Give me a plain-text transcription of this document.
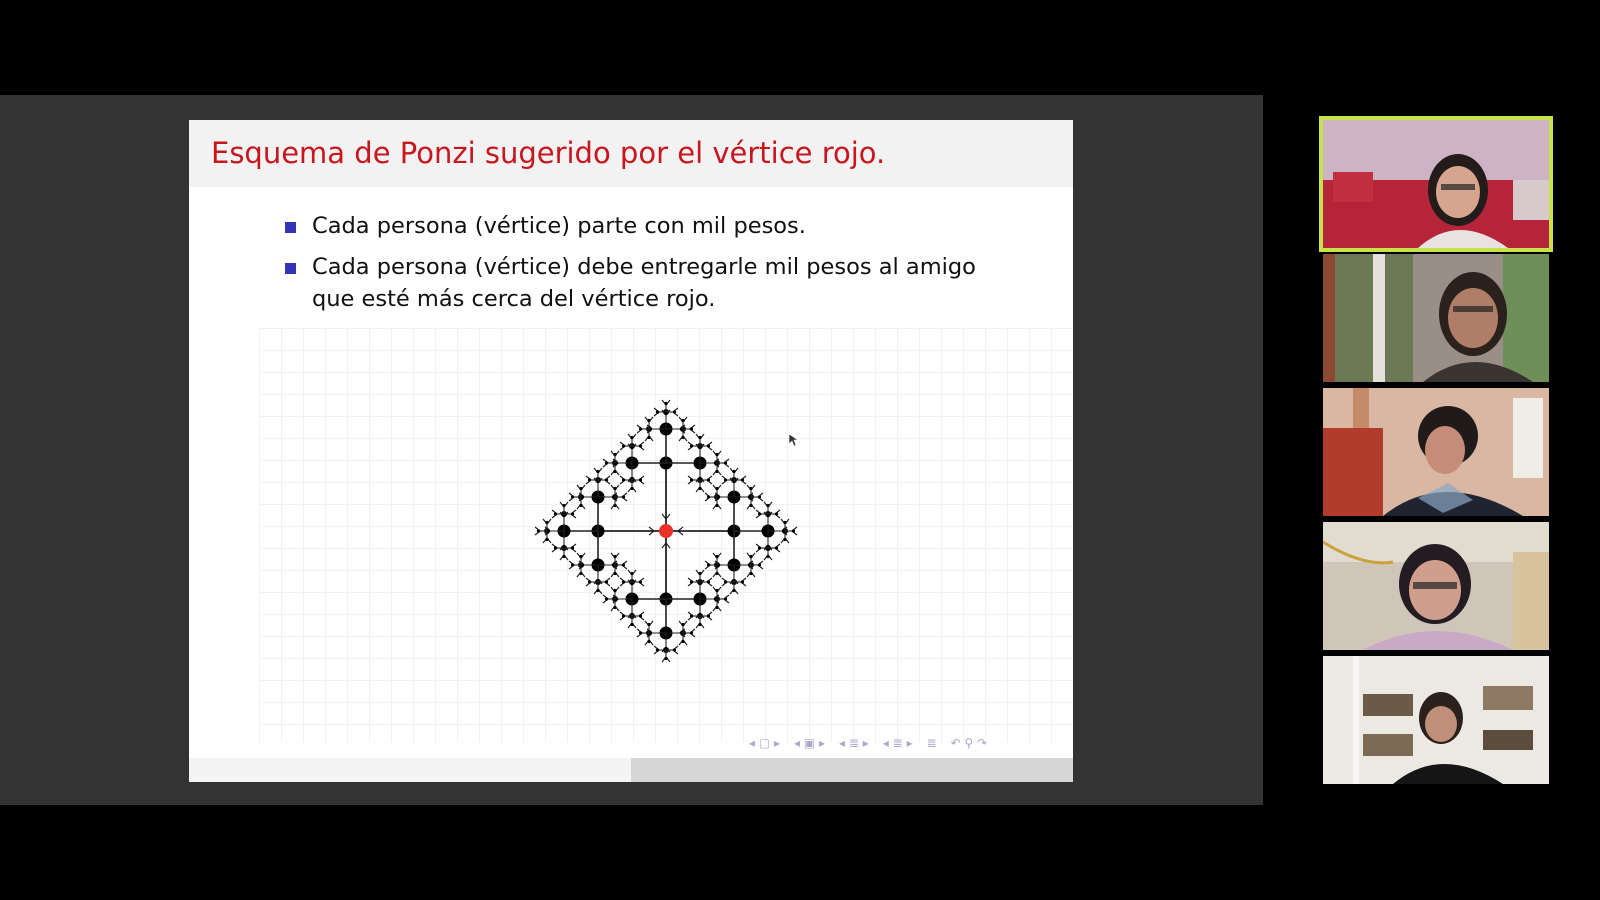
Esquema de Ponzi sugerido por el vértice rojo.
Cada persona (vértice) parte con mil pesos.
Cada persona (vértice) debe entregarle mil pesos al amigo que esté más cerca del vértice rojo.
◂ ▢ ▸ ◂ ▣ ▸ ◂ ≣ ▸ ◂ ≣ ▸ ≣ ↶ ⚲ ↷
